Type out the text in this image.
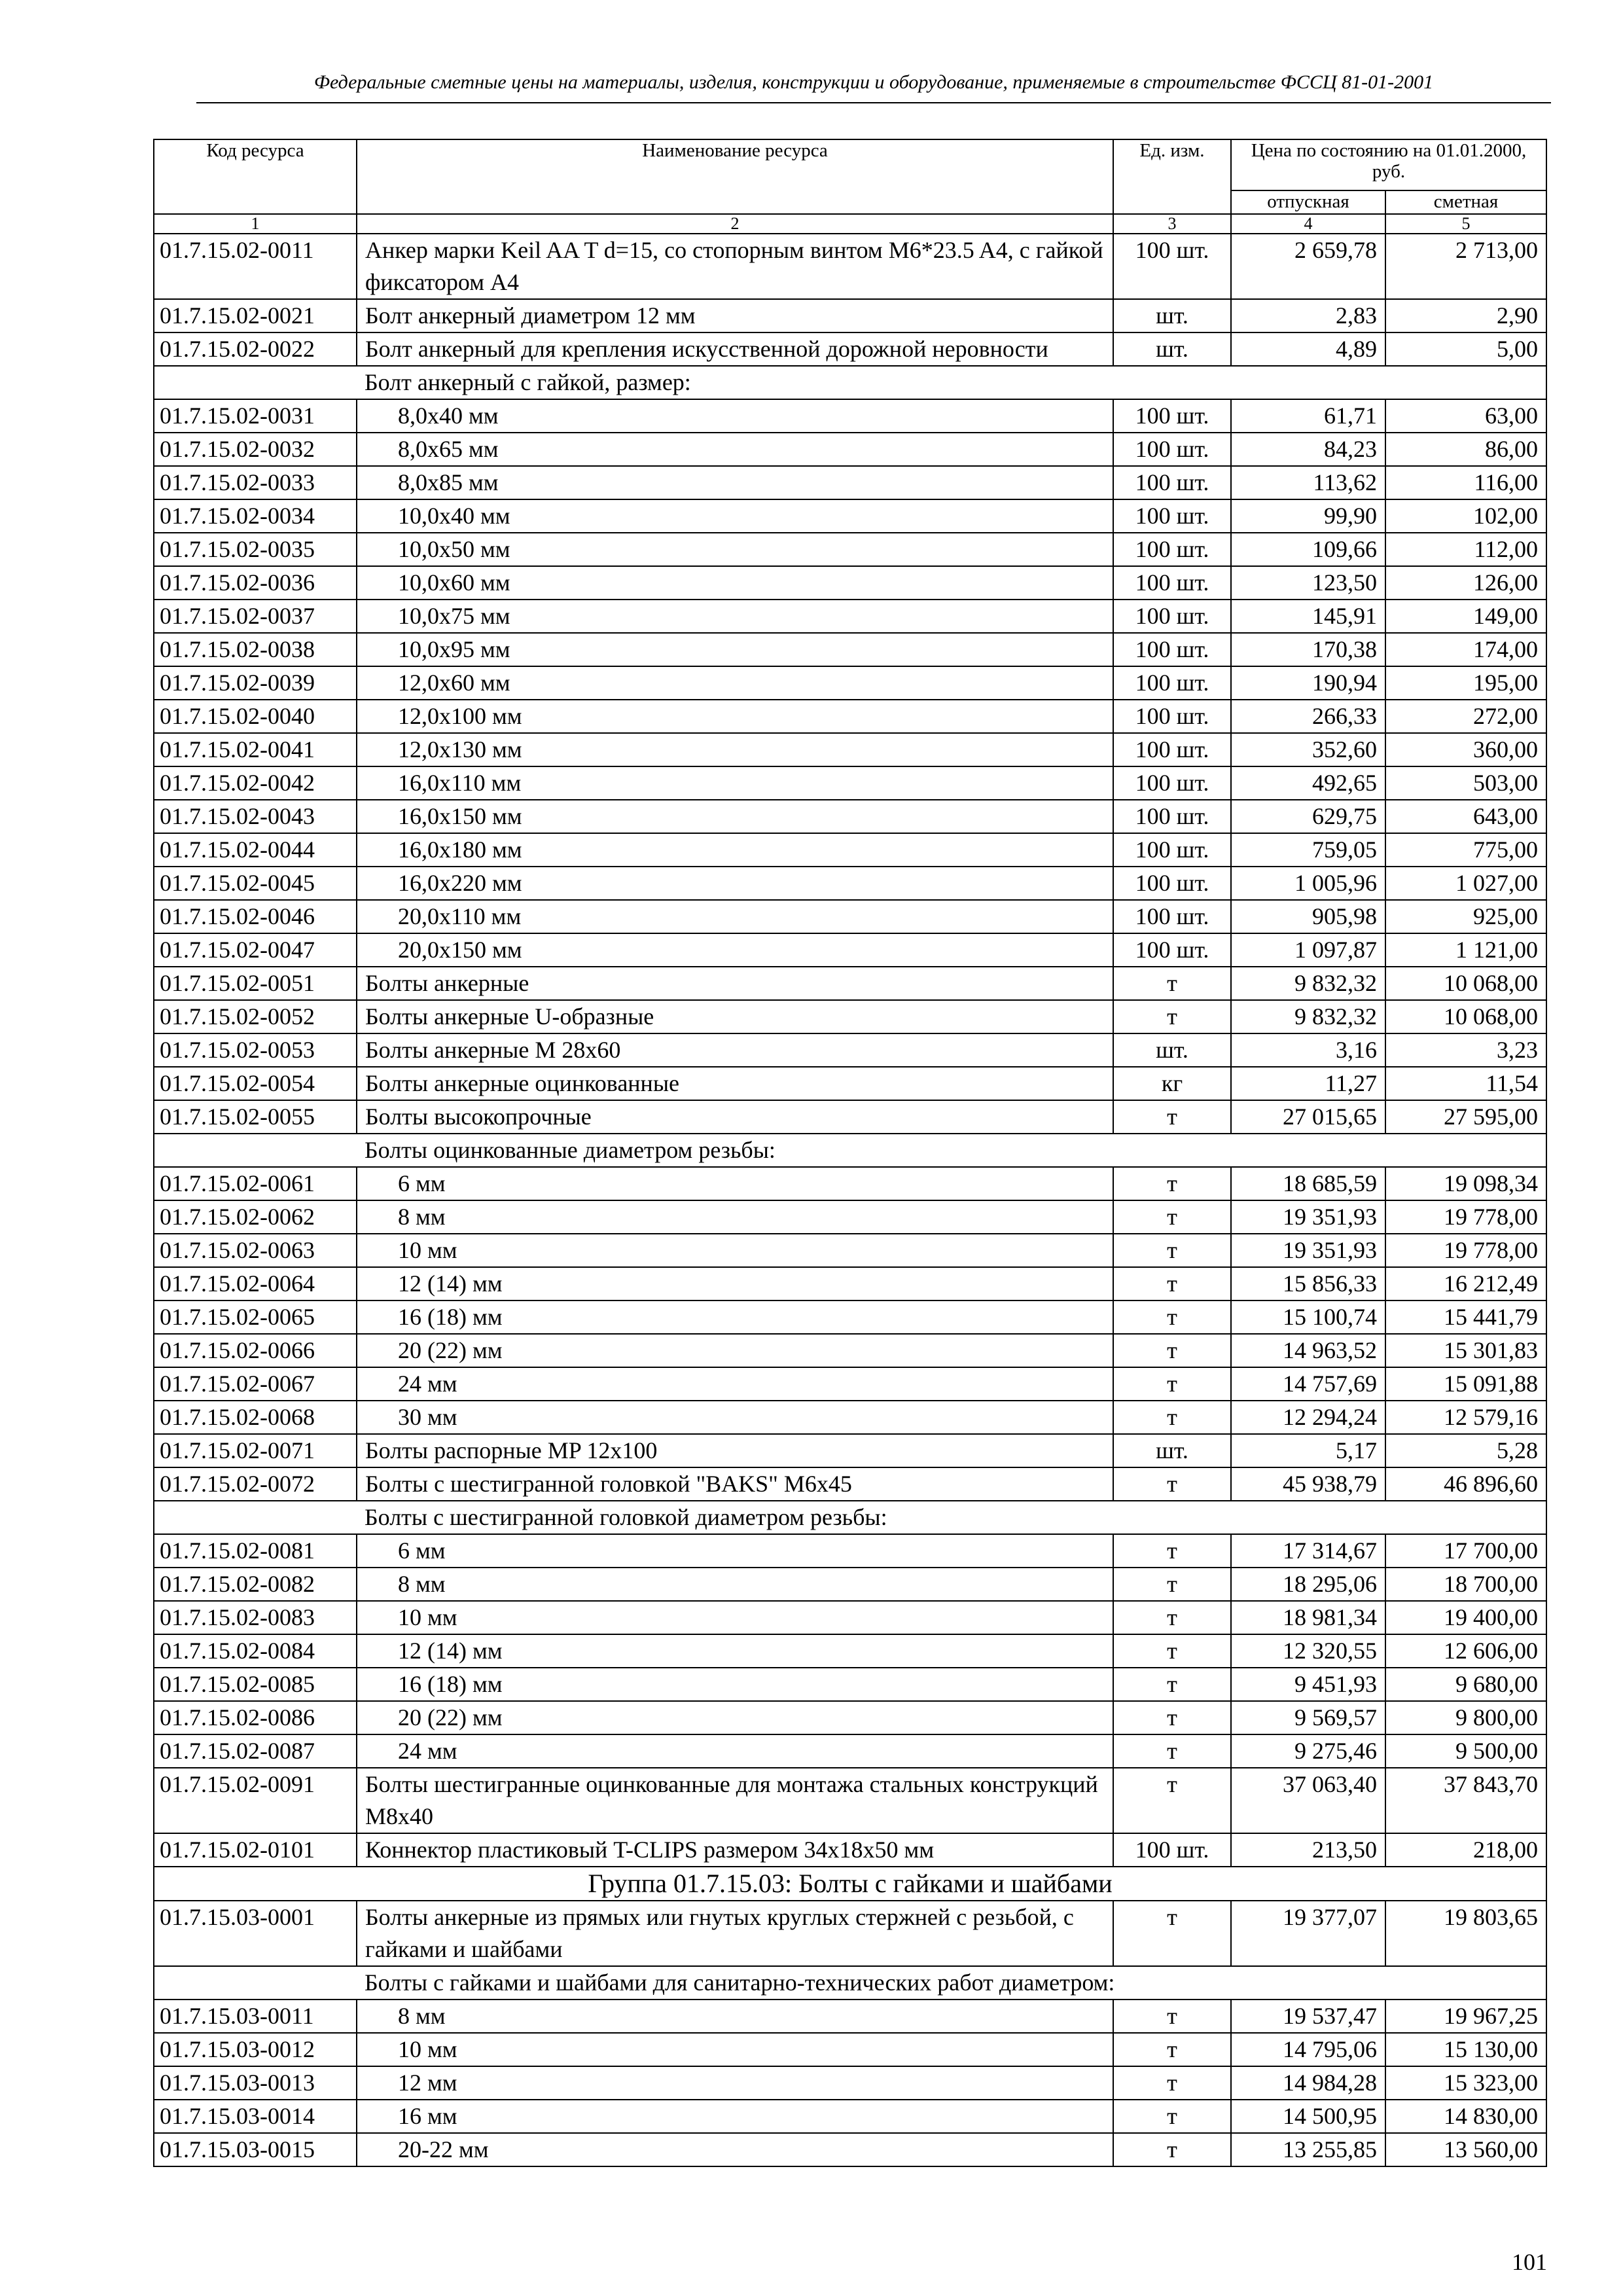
Федеральные сметные цены на материалы, изделия, конструкции и оборудование, применяемые в строительстве ФССЦ 81-01-2001
Код ресурса	Наименование ресурса	Ед. изм.	Цена по состоянию на 01.01.2000, руб.	
			отпускная	сметная
1	2	3	4	5
01.7.15.02-0011	Анкер марки Keil AA T d=15, со стопорным винтом M6*23.5 A4, с гайкой фиксатором A4	100 шт.	2 659,78	2 713,00
01.7.15.02-0021	Болт анкерный диаметром 12 мм	шт.	2,83	2,90
01.7.15.02-0022	Болт анкерный для крепления искусственной дорожной неровности	шт.	4,89	5,00
	Болт анкерный с гайкой, размер:			
01.7.15.02-0031	8,0x40 мм	100 шт.	61,71	63,00
01.7.15.02-0032	8,0x65 мм	100 шт.	84,23	86,00
01.7.15.02-0033	8,0x85 мм	100 шт.	113,62	116,00
01.7.15.02-0034	10,0x40 мм	100 шт.	99,90	102,00
01.7.15.02-0035	10,0x50 мм	100 шт.	109,66	112,00
01.7.15.02-0036	10,0x60 мм	100 шт.	123,50	126,00
01.7.15.02-0037	10,0x75 мм	100 шт.	145,91	149,00
01.7.15.02-0038	10,0x95 мм	100 шт.	170,38	174,00
01.7.15.02-0039	12,0x60 мм	100 шт.	190,94	195,00
01.7.15.02-0040	12,0x100 мм	100 шт.	266,33	272,00
01.7.15.02-0041	12,0x130 мм	100 шт.	352,60	360,00
01.7.15.02-0042	16,0x110 мм	100 шт.	492,65	503,00
01.7.15.02-0043	16,0x150 мм	100 шт.	629,75	643,00
01.7.15.02-0044	16,0x180 мм	100 шт.	759,05	775,00
01.7.15.02-0045	16,0x220 мм	100 шт.	1 005,96	1 027,00
01.7.15.02-0046	20,0x110 мм	100 шт.	905,98	925,00
01.7.15.02-0047	20,0x150 мм	100 шт.	1 097,87	1 121,00
01.7.15.02-0051	Болты анкерные	т	9 832,32	10 068,00
01.7.15.02-0052	Болты анкерные U-образные	т	9 832,32	10 068,00
01.7.15.02-0053	Болты анкерные M 28x60	шт.	3,16	3,23
01.7.15.02-0054	Болты анкерные оцинкованные	кг	11,27	11,54
01.7.15.02-0055	Болты высокопрочные	т	27 015,65	27 595,00
	Болты оцинкованные диаметром резьбы:			
01.7.15.02-0061	6 мм	т	18 685,59	19 098,34
01.7.15.02-0062	8 мм	т	19 351,93	19 778,00
01.7.15.02-0063	10 мм	т	19 351,93	19 778,00
01.7.15.02-0064	12 (14) мм	т	15 856,33	16 212,49
01.7.15.02-0065	16 (18) мм	т	15 100,74	15 441,79
01.7.15.02-0066	20 (22) мм	т	14 963,52	15 301,83
01.7.15.02-0067	24 мм	т	14 757,69	15 091,88
01.7.15.02-0068	30 мм	т	12 294,24	12 579,16
01.7.15.02-0071	Болты распорные MP 12x100	шт.	5,17	5,28
01.7.15.02-0072	Болты с шестигранной головкой "BAKS" M6x45	т	45 938,79	46 896,60
	Болты с шестигранной головкой диаметром резьбы:			
01.7.15.02-0081	6 мм	т	17 314,67	17 700,00
01.7.15.02-0082	8 мм	т	18 295,06	18 700,00
01.7.15.02-0083	10 мм	т	18 981,34	19 400,00
01.7.15.02-0084	12 (14) мм	т	12 320,55	12 606,00
01.7.15.02-0085	16 (18) мм	т	9 451,93	9 680,00
01.7.15.02-0086	20 (22) мм	т	9 569,57	9 800,00
01.7.15.02-0087	24 мм	т	9 275,46	9 500,00
01.7.15.02-0091	Болты шестигранные оцинкованные для монтажа стальных конструкций M8x40	т	37 063,40	37 843,70
01.7.15.02-0101	Коннектор пластиковый T-CLIPS размером 34x18x50 мм	100 шт.	213,50	218,00
Группа 01.7.15.03: Болты с гайками и шайбами				
01.7.15.03-0001	Болты анкерные из прямых или гнутых круглых стержней с резьбой, с гайками и шайбами	т	19 377,07	19 803,65
	Болты с гайками и шайбами для санитарно-технических работ диаметром:			
01.7.15.03-0011	8 мм	т	19 537,47	19 967,25
01.7.15.03-0012	10 мм	т	14 795,06	15 130,00
01.7.15.03-0013	12 мм	т	14 984,28	15 323,00
01.7.15.03-0014	16 мм	т	14 500,95	14 830,00
01.7.15.03-0015	20-22 мм	т	13 255,85	13 560,00
101
